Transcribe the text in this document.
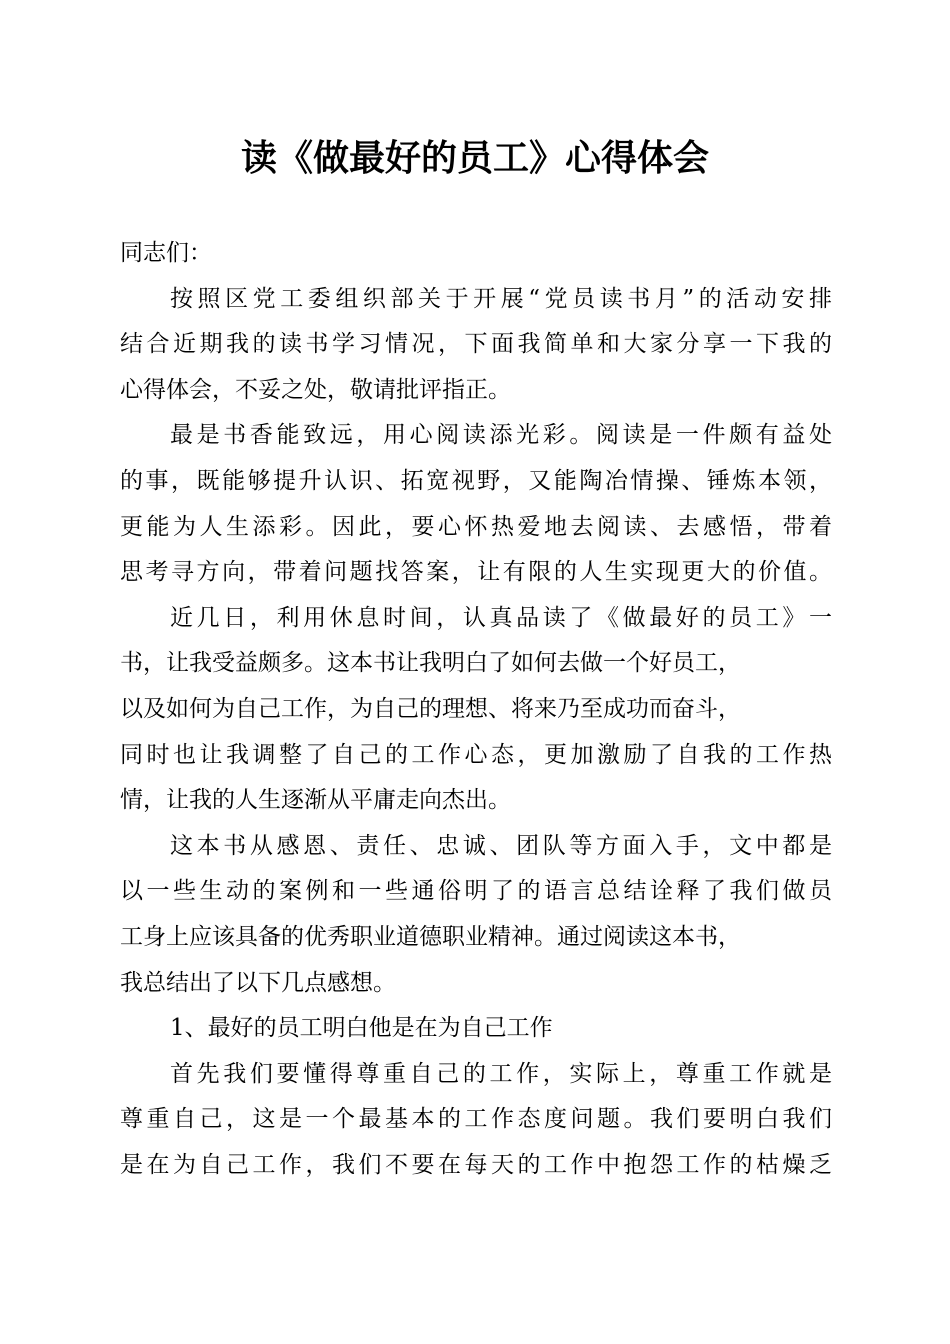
读《做最好的员工》心得体会
同志们：
按照区党工委组织部关于开展“党员读书月”的活动安排
结合近期我的读书学习情况，下面我简单和大家分享一下我的
心得体会，不妥之处，敬请批评指正。
最是书香能致远，用心阅读添光彩。阅读是一件颇有益处
的事，既能够提升认识、拓宽视野，又能陶冶情操、锤炼本领，
更能为人生添彩。因此，要心怀热爱地去阅读、去感悟，带着
思考寻方向，带着问题找答案，让有限的人生实现更大的价值。
近几日，利用休息时间，认真品读了《做最好的员工》一
书，让我受益颇多。这本书让我明白了如何去做一个好员工，
以及如何为自己工作，为自己的理想、将来乃至成功而奋斗，
同时也让我调整了自己的工作心态，更加激励了自我的工作热
情，让我的人生逐渐从平庸走向杰出。
这本书从感恩、责任、忠诚、团队等方面入手，文中都是
以一些生动的案例和一些通俗明了的语言总结诠释了我们做员
工身上应该具备的优秀职业道德职业精神。通过阅读这本书，
我总结出了以下几点感想。
1、最好的员工明白他是在为自己工作
首先我们要懂得尊重自己的工作，实际上，尊重工作就是
尊重自己，这是一个最基本的工作态度问题。我们要明白我们
是在为自己工作，我们不要在每天的工作中抱怨工作的枯燥乏
